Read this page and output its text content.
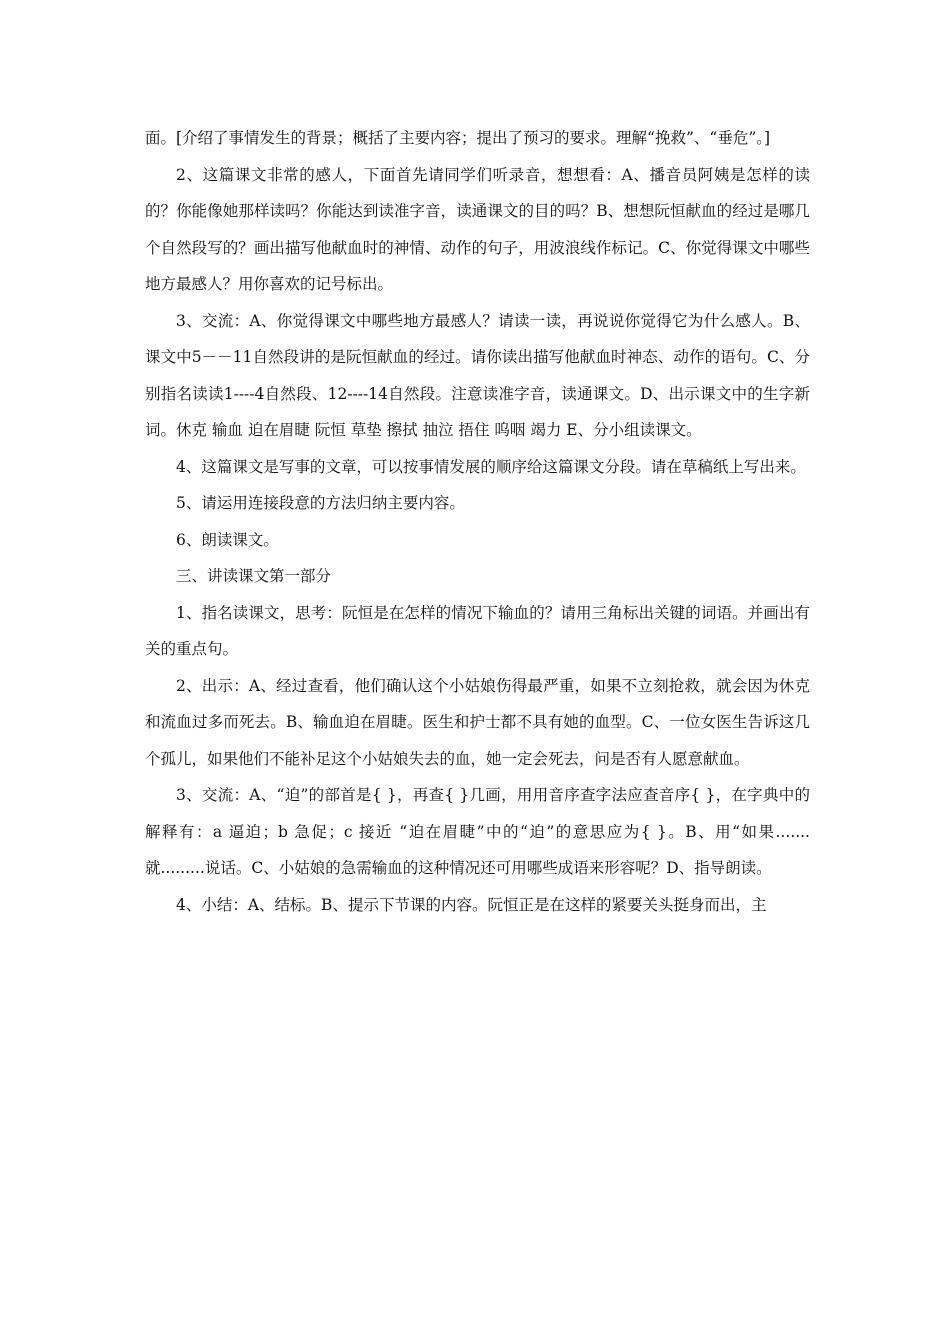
面。[介绍了事情发生的背景；概括了主要内容；提出了预习的要求。理解“挽救”、“垂危”。]

2、这篇课文非常的感人，下面首先请同学们听录音，想想看：A、播音员阿姨是怎样的读的？你能像她那样读吗？你能达到读准字音，读通课文的目的吗？B、想想阮恒献血的经过是哪几个自然段写的？画出描写他献血时的神情、动作的句子，用波浪线作标记。C、你觉得课文中哪些地方最感人？用你喜欢的记号标出。

3、交流：A、你觉得课文中哪些地方最感人？请读一读，再说说你觉得它为什么感人。B、课文中5－－11自然段讲的是阮恒献血的经过。请你读出描写他献血时神态、动作的语句。C、分别指名读读1----4自然段、12----14自然段。注意读准字音，读通课文。D、出示课文中的生字新词。休克 输血 迫在眉睫 阮恒 草垫 擦拭 抽泣 捂住 呜咽 竭力 E、分小组读课文。

4、这篇课文是写事的文章，可以按事情发展的顺序给这篇课文分段。请在草稿纸上写出来。

5、请运用连接段意的方法归纳主要内容。

6、朗读课文。

三、讲读课文第一部分

1、指名读课文，思考：阮恒是在怎样的情况下输血的？请用三角标出关键的词语。并画出有关的重点句。

2、出示：A、经过查看，他们确认这个小姑娘伤得最严重，如果不立刻抢救，就会因为休克和流血过多而死去。B、输血迫在眉睫。医生和护士都不具有她的血型。C、一位女医生告诉这几个孤儿，如果他们不能补足这个小姑娘失去的血，她一定会死去，问是否有人愿意献血。

3、交流：A、“迫”的部首是{ }，再查{ }几画，用用音序查字法应查音序{ }，在字典中的解释有：a 逼迫；b 急促；c 接近 “迫在眉睫”中的“迫”的意思应为{ }。B、用“如果.......就.........说话。C、小姑娘的急需输血的这种情况还可用哪些成语来形容呢？D、指导朗读。

4、小结：A、结标。B、提示下节课的内容。阮恒正是在这样的紧要关头挺身而出，主
